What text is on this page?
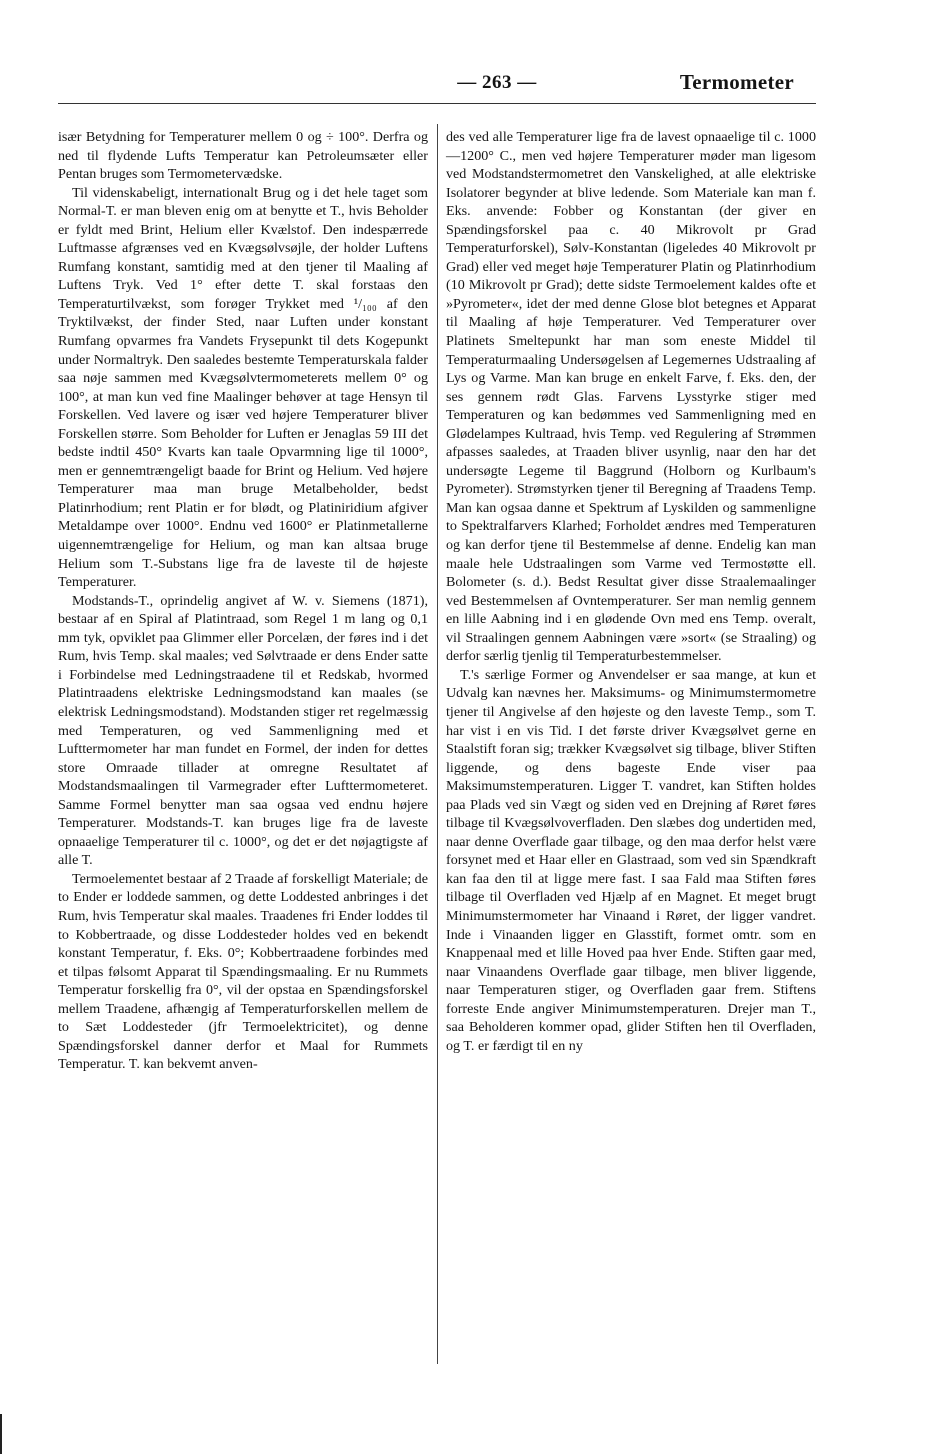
— 263 —	Termometer

især Betydning for Temperaturer mellem 0 og ÷ 100°. Derfra og ned til flydende Lufts Temperatur kan Petroleumsæter eller Pentan bruges som Termometervædske.

Til videnskabeligt, internationalt Brug og i det hele taget som Normal-T. er man bleven enig om at benytte et T., hvis Beholder er fyldt med Brint, Helium eller Kvælstof. Den indespærrede Luftmasse afgrænses ved en Kvægsølvsøjle, der holder Luftens Rumfang konstant, samtidig med at den tjener til Maaling af Luftens Tryk. Ved 1° efter dette T. skal forstaas den Temperaturtilvækst, som forøger Trykket med ¹/₁₀₀ af den Tryktilvækst, der finder Sted, naar Luften under konstant Rumfang opvarmes fra Vandets Frysepunkt til dets Kogepunkt under Normaltryk. Den saaledes bestemte Temperaturskala falder saa nøje sammen med Kvægsølvtermometerets mellem 0° og 100°, at man kun ved fine Maalinger behøver at tage Hensyn til Forskellen. Ved lavere og især ved højere Temperaturer bliver Forskellen større. Som Beholder for Luften er Jenaglas 59 III det bedste indtil 450° Kvarts kan taale Opvarmning lige til 1000°, men er gennemtrængeligt baade for Brint og Helium. Ved højere Temperaturer maa man bruge Metalbeholder, bedst Platinrhodium; rent Platin er for blødt, og Platiniridium afgiver Metaldampe over 1000°. Endnu ved 1600° er Platinmetallerne uigennemtrængelige for Helium, og man kan altsaa bruge Helium som T.-Substans lige fra de laveste til de højeste Temperaturer.

Modstands-T., oprindelig angivet af W. v. Siemens (1871), bestaar af en Spiral af Platintraad, som Regel 1 m lang og 0,1 mm tyk, opviklet paa Glimmer eller Porcelæn, der føres ind i det Rum, hvis Temp. skal maales; ved Sølvtraade er dens Ender satte i Forbindelse med Ledningstraadene til et Redskab, hvormed Platintraadens elektriske Ledningsmodstand kan maales (se elektrisk Ledningsmodstand). Modstanden stiger ret regelmæssig med Temperaturen, og ved Sammenligning med et Lufttermometer har man fundet en Formel, der inden for dettes store Omraade tillader at omregne Resultatet af Modstandsmaalingen til Varmegrader efter Lufttermometeret. Samme Formel benytter man saa ogsaa ved endnu højere Temperaturer. Modstands-T. kan bruges lige fra de laveste opnaaelige Temperaturer til c. 1000°, og det er det nøjagtigste af alle T.

Termoelementet bestaar af 2 Traade af forskelligt Materiale; de to Ender er loddede sammen, og dette Loddested anbringes i det Rum, hvis Temperatur skal maales. Traadenes fri Ender loddes til to Kobbertraade, og disse Loddesteder holdes ved en bekendt konstant Temperatur, f. Eks. 0°; Kobbertraadene forbindes med et tilpas følsomt Apparat til Spændingsmaaling. Er nu Rummets Temperatur forskellig fra 0°, vil der opstaa en Spændingsforskel mellem Traadene, afhængig af Temperaturforskellen mellem de to Sæt Loddesteder (jfr Termoelektricitet), og denne Spændingsforskel danner derfor et Maal for Rummets Temperatur. T. kan bekvemt anven-

des ved alle Temperaturer lige fra de lavest opnaaelige til c. 1000—1200° C., men ved højere Temperaturer møder man ligesom ved Modstandstermometret den Vanskelighed, at alle elektriske Isolatorer begynder at blive ledende. Som Materiale kan man f. Eks. anvende: Fobber og Konstantan (der giver en Spændingsforskel paa c. 40 Mikrovolt pr Grad Temperaturforskel), Sølv-Konstantan (ligeledes 40 Mikrovolt pr Grad) eller ved meget høje Temperaturer Platin og Platinrhodium (10 Mikrovolt pr Grad); dette sidste Termoelement kaldes ofte et »Pyrometer«, idet der med denne Glose blot betegnes et Apparat til Maaling af høje Temperaturer. Ved Temperaturer over Platinets Smeltepunkt har man som eneste Middel til Temperaturmaaling Undersøgelsen af Legemernes Udstraaling af Lys og Varme. Man kan bruge en enkelt Farve, f. Eks. den, der ses gennem rødt Glas. Farvens Lysstyrke stiger med Temperaturen og kan bedømmes ved Sammenligning med en Glødelampes Kultraad, hvis Temp. ved Regulering af Strømmen afpasses saaledes, at Traaden bliver usynlig, naar den har det undersøgte Legeme til Baggrund (Holborn og Kurlbaum's Pyrometer). Strømstyrken tjener til Beregning af Traadens Temp. Man kan ogsaa danne et Spektrum af Lyskilden og sammenligne to Spektralfarvers Klarhed; Forholdet ændres med Temperaturen og kan derfor tjene til Bestemmelse af denne. Endelig kan man maale hele Udstraalingen som Varme ved Termostøtte ell. Bolometer (s. d.). Bedst Resultat giver disse Straalemaalinger ved Bestemmelsen af Ovntemperaturer. Ser man nemlig gennem en lille Aabning ind i en glødende Ovn med ens Temp. overalt, vil Straalingen gennem Aabningen være »sort« (se Straaling) og derfor særlig tjenlig til Temperaturbestemmelser.

T.'s særlige Former og Anvendelser er saa mange, at kun et Udvalg kan nævnes her. Maksimums- og Minimumstermometre tjener til Angivelse af den højeste og den laveste Temp., som T. har vist i en vis Tid. I det første driver Kvægsølvet gerne en Staalstift foran sig; trækker Kvægsølvet sig tilbage, bliver Stiften liggende, og dens bageste Ende viser paa Maksimumstemperaturen. Ligger T. vandret, kan Stiften holdes paa Plads ved sin Vægt og siden ved en Drejning af Røret føres tilbage til Kvægsølvoverfladen. Den slæbes dog undertiden med, naar denne Overflade gaar tilbage, og den maa derfor helst være forsynet med et Haar eller en Glastraad, som ved sin Spændkraft kan faa den til at ligge mere fast. I saa Fald maa Stiften føres tilbage til Overfladen ved Hjælp af en Magnet. Et meget brugt Minimumstermometer har Vinaand i Røret, der ligger vandret. Inde i Vinaanden ligger en Glasstift, formet omtr. som en Knappenaal med et lille Hoved paa hver Ende. Stiften gaar med, naar Vinaandens Overflade gaar tilbage, men bliver liggende, naar Temperaturen stiger, og Overfladen gaar frem. Stiftens forreste Ende angiver Minimumstemperaturen. Drejer man T., saa Beholderen kommer opad, glider Stiften hen til Overfladen, og T. er færdigt til en ny
